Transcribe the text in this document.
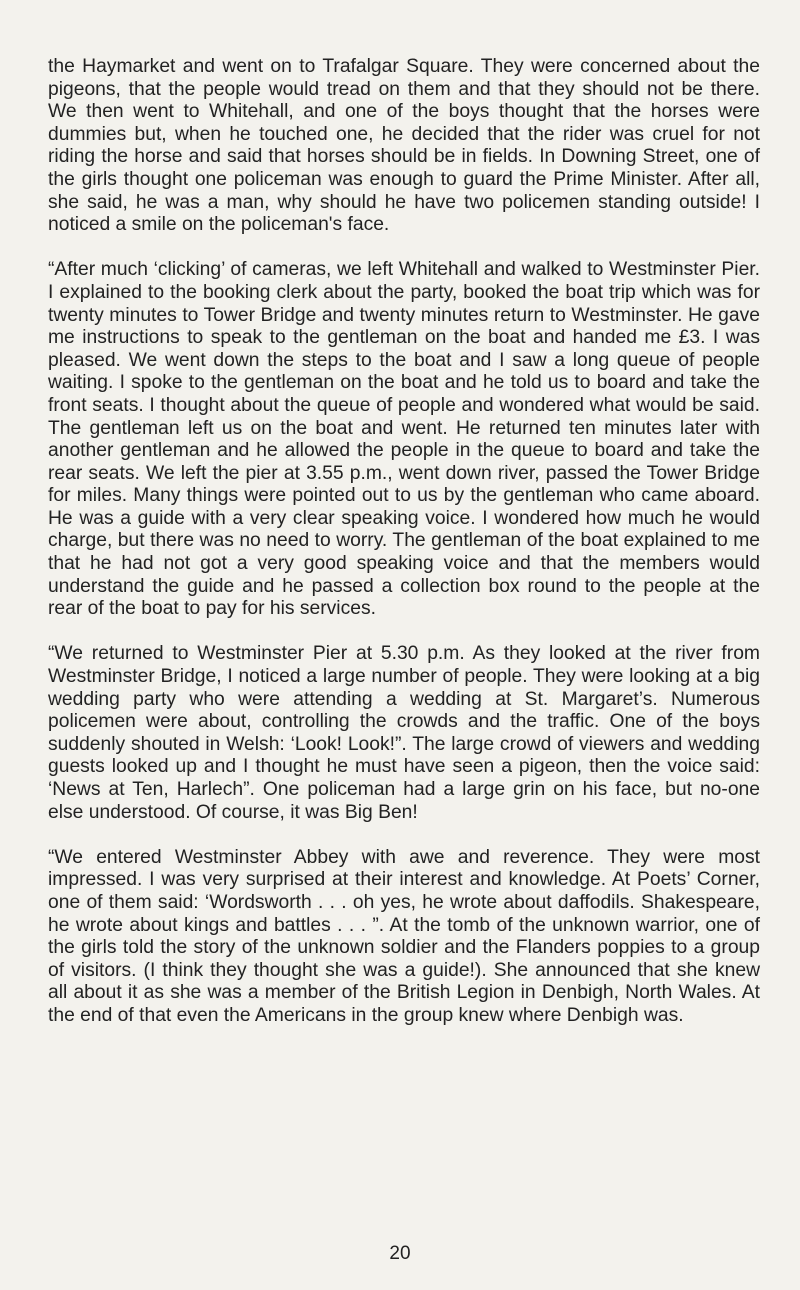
the Haymarket and went on to Trafalgar Square. They were concerned about the pigeons, that the people would tread on them and that they should not be there. We then went to Whitehall, and one of the boys thought that the horses were dummies but, when he touched one, he decided that the rider was cruel for not riding the horse and said that horses should be in fields. In Downing Street, one of the girls thought one policeman was enough to guard the Prime Minister. After all, she said, he was a man, why should he have two policemen standing outside! I noticed a smile on the policeman's face.

“After much ‘clicking’ of cameras, we left Whitehall and walked to Westminster Pier. I explained to the booking clerk about the party, booked the boat trip which was for twenty minutes to Tower Bridge and twenty minutes return to Westminster. He gave me instructions to speak to the gentleman on the boat and handed me £3. I was pleased. We went down the steps to the boat and I saw a long queue of people waiting. I spoke to the gentleman on the boat and he told us to board and take the front seats. I thought about the queue of people and wondered what would be said. The gentleman left us on the boat and went. He returned ten minutes later with another gentleman and he allowed the people in the queue to board and take the rear seats. We left the pier at 3.55 p.m., went down river, passed the Tower Bridge for miles. Many things were pointed out to us by the gentleman who came aboard. He was a guide with a very clear speaking voice. I wondered how much he would charge, but there was no need to worry. The gentleman of the boat explained to me that he had not got a very good speaking voice and that the members would understand the guide and he passed a collection box round to the people at the rear of the boat to pay for his services.

“We returned to Westminster Pier at 5.30 p.m. As they looked at the river from Westminster Bridge, I noticed a large number of people. They were looking at a big wedding party who were attending a wedding at St. Margaret’s. Numerous policemen were about, controlling the crowds and the traffic. One of the boys suddenly shouted in Welsh: ‘Look! Look!”. The large crowd of viewers and wedding guests looked up and I thought he must have seen a pigeon, then the voice said: ‘News at Ten, Harlech”. One policeman had a large grin on his face, but no-one else understood. Of course, it was Big Ben!

“We entered Westminster Abbey with awe and reverence. They were most impressed. I was very surprised at their interest and knowledge. At Poets’ Corner, one of them said: ‘Wordsworth . . . oh yes, he wrote about daffodils. Shakespeare, he wrote about kings and battles . . . ”. At the tomb of the unknown warrior, one of the girls told the story of the unknown soldier and the Flanders poppies to a group of visitors. (I think they thought she was a guide!). She announced that she knew all about it as she was a member of the British Legion in Denbigh, North Wales. At the end of that even the Americans in the group knew where Denbigh was.

20
